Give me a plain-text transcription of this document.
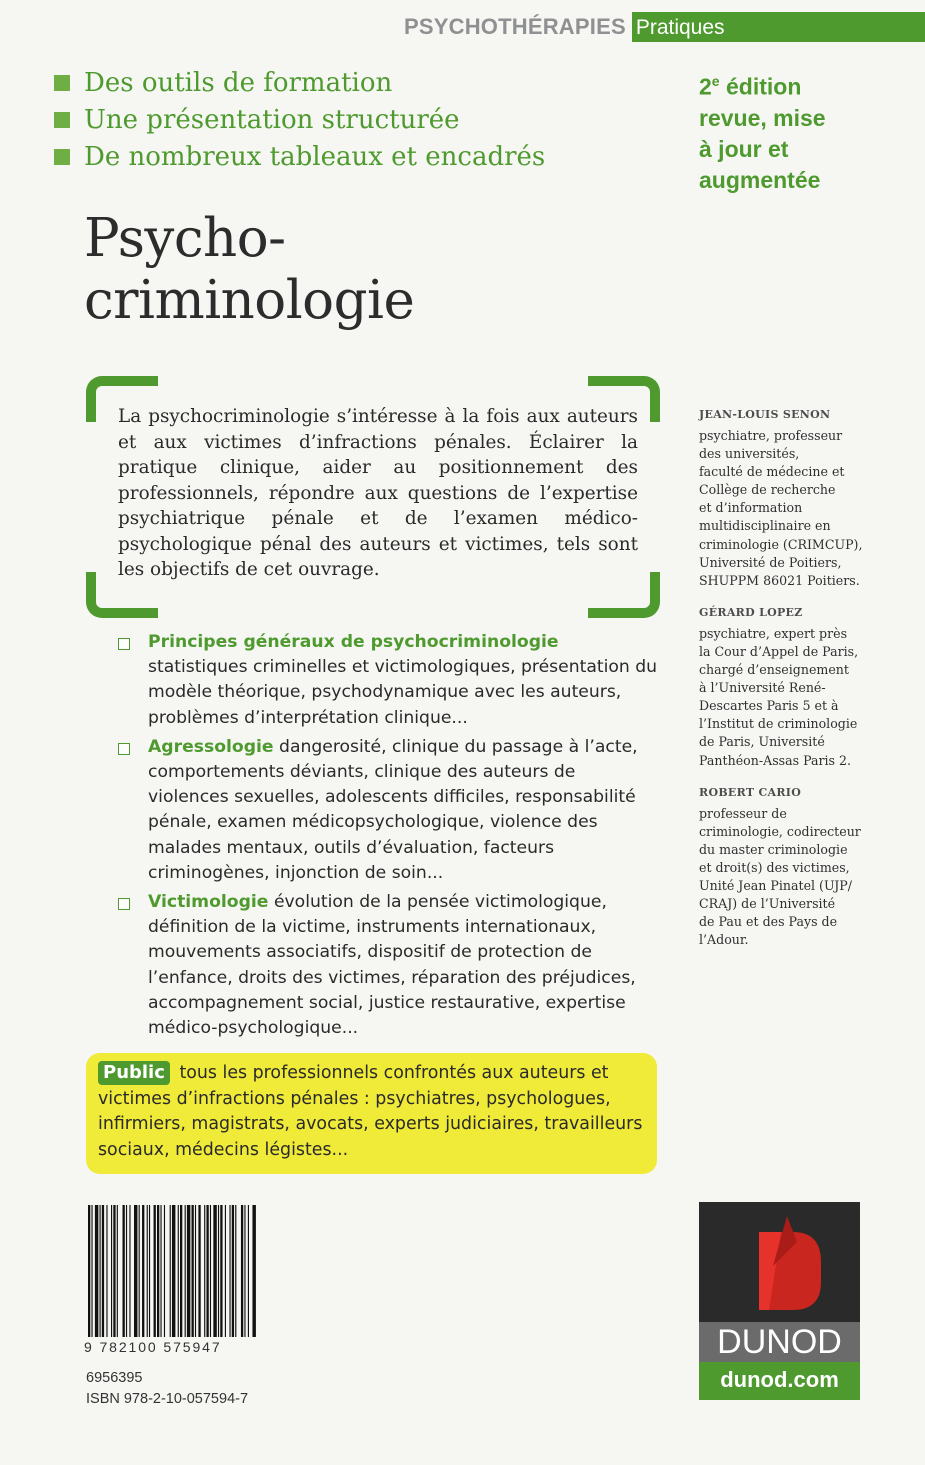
PSYCHOTHÉRAPIES Pratiques
Des outils de formation
Une présentation structurée
De nombreux tableaux et encadrés
2e édition
revue, mise
à jour et
augmentée
Psycho-
criminologie

La psychocriminologie s’intéresse à la fois aux auteurs et aux victimes d’infractions pénales. Éclairer la pratique clinique, aider au positionnement des professionnels, répondre aux questions de l’expertise psychiatrique pénale et de l’examen médico-psychologique pénal des auteurs et victimes, tels sont les objectifs de cet ouvrage.

Principes généraux de psychocriminologie
statistiques criminelles et victimologiques, présentation du modèle théorique, psychodynamique avec les auteurs, problèmes d’interprétation clinique...
Agressologie dangerosité, clinique du passage à l’acte, comportements déviants, clinique des auteurs de violences sexuelles, adolescents difficiles, responsabilité pénale, examen médicopsychologique, violence des malades mentaux, outils d’évaluation, facteurs criminogènes, injonction de soin...
Victimologie évolution de la pensée victimologique, définition de la victime, instruments internationaux, mouvements associatifs, dispositif de protection de l’enfance, droits des victimes, réparation des préjudices, accompagnement social, justice restaurative, expertise médico-psychologique...
Public tous les professionnels confrontés aux auteurs et victimes d’infractions pénales : psychiatres, psychologues, infirmiers, magistrats, avocats, experts judiciaires, travailleurs sociaux, médecins légistes...
JEAN-LOUIS SENON
psychiatre, professeur
des universités,
faculté de médecine et
Collège de recherche
et d’information
multidisciplinaire en
criminologie (CRIMCUP),
Université de Poitiers,
SHUPPM 86021 Poitiers.
GÉRARD LOPEZ
psychiatre, expert près
la Cour d’Appel de Paris,
chargé d’enseignement
à l’Université René-
Descartes Paris 5 et à
l’Institut de criminologie
de Paris, Université
Panthéon-Assas Paris 2.
ROBERT CARIO
professeur de
criminologie, codirecteur
du master criminologie
et droit(s) des victimes,
Unité Jean Pinatel (UJP/
CRAJ) de l’Université
de Pau et des Pays de
l’Adour.
9 782100 575947
6956395
ISBN 978-2-10-057594-7
DUNOD
dunod.com
